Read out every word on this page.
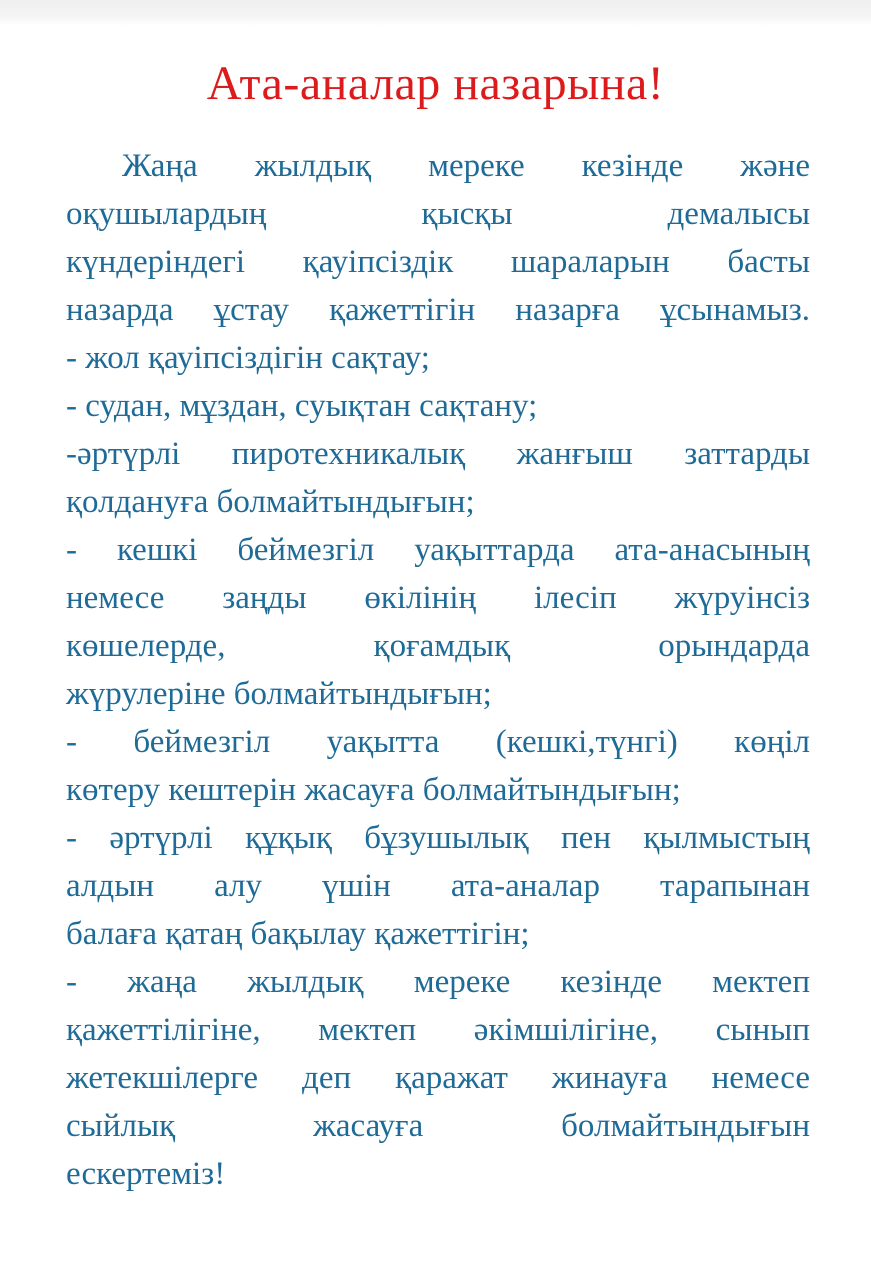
Ата-аналар назарына!
Жаңа жылдық мереке кезінде және
оқушылардың қысқы демалысы
күндеріндегі қауіпсіздік шараларын басты
назарда ұстау қажеттігін назарға ұсынамыз.
- жол қауіпсіздігін сақтау;
- судан, мұздан, суықтан сақтану;
-әртүрлі пиротехникалық жанғыш заттарды
қолдануға болмайтындығын;
- кешкі беймезгіл уақыттарда ата-анасының
немесе заңды өкілінің ілесіп жүруінсіз
көшелерде, қоғамдық орындарда
жүрулеріне болмайтындығын;
- беймезгіл уақытта (кешкі,түнгі) көңіл
көтеру кештерін жасауға болмайтындығын;
- әртүрлі құқық бұзушылық пен қылмыстың
алдын алу үшін ата-аналар тарапынан
балаға қатаң бақылау қажеттігін;
- жаңа жылдық мереке кезінде мектеп
қажеттілігіне, мектеп әкімшілігіне, сынып
жетекшілерге деп қаражат жинауға немесе
сыйлық жасауға болмайтындығын
ескертеміз!
